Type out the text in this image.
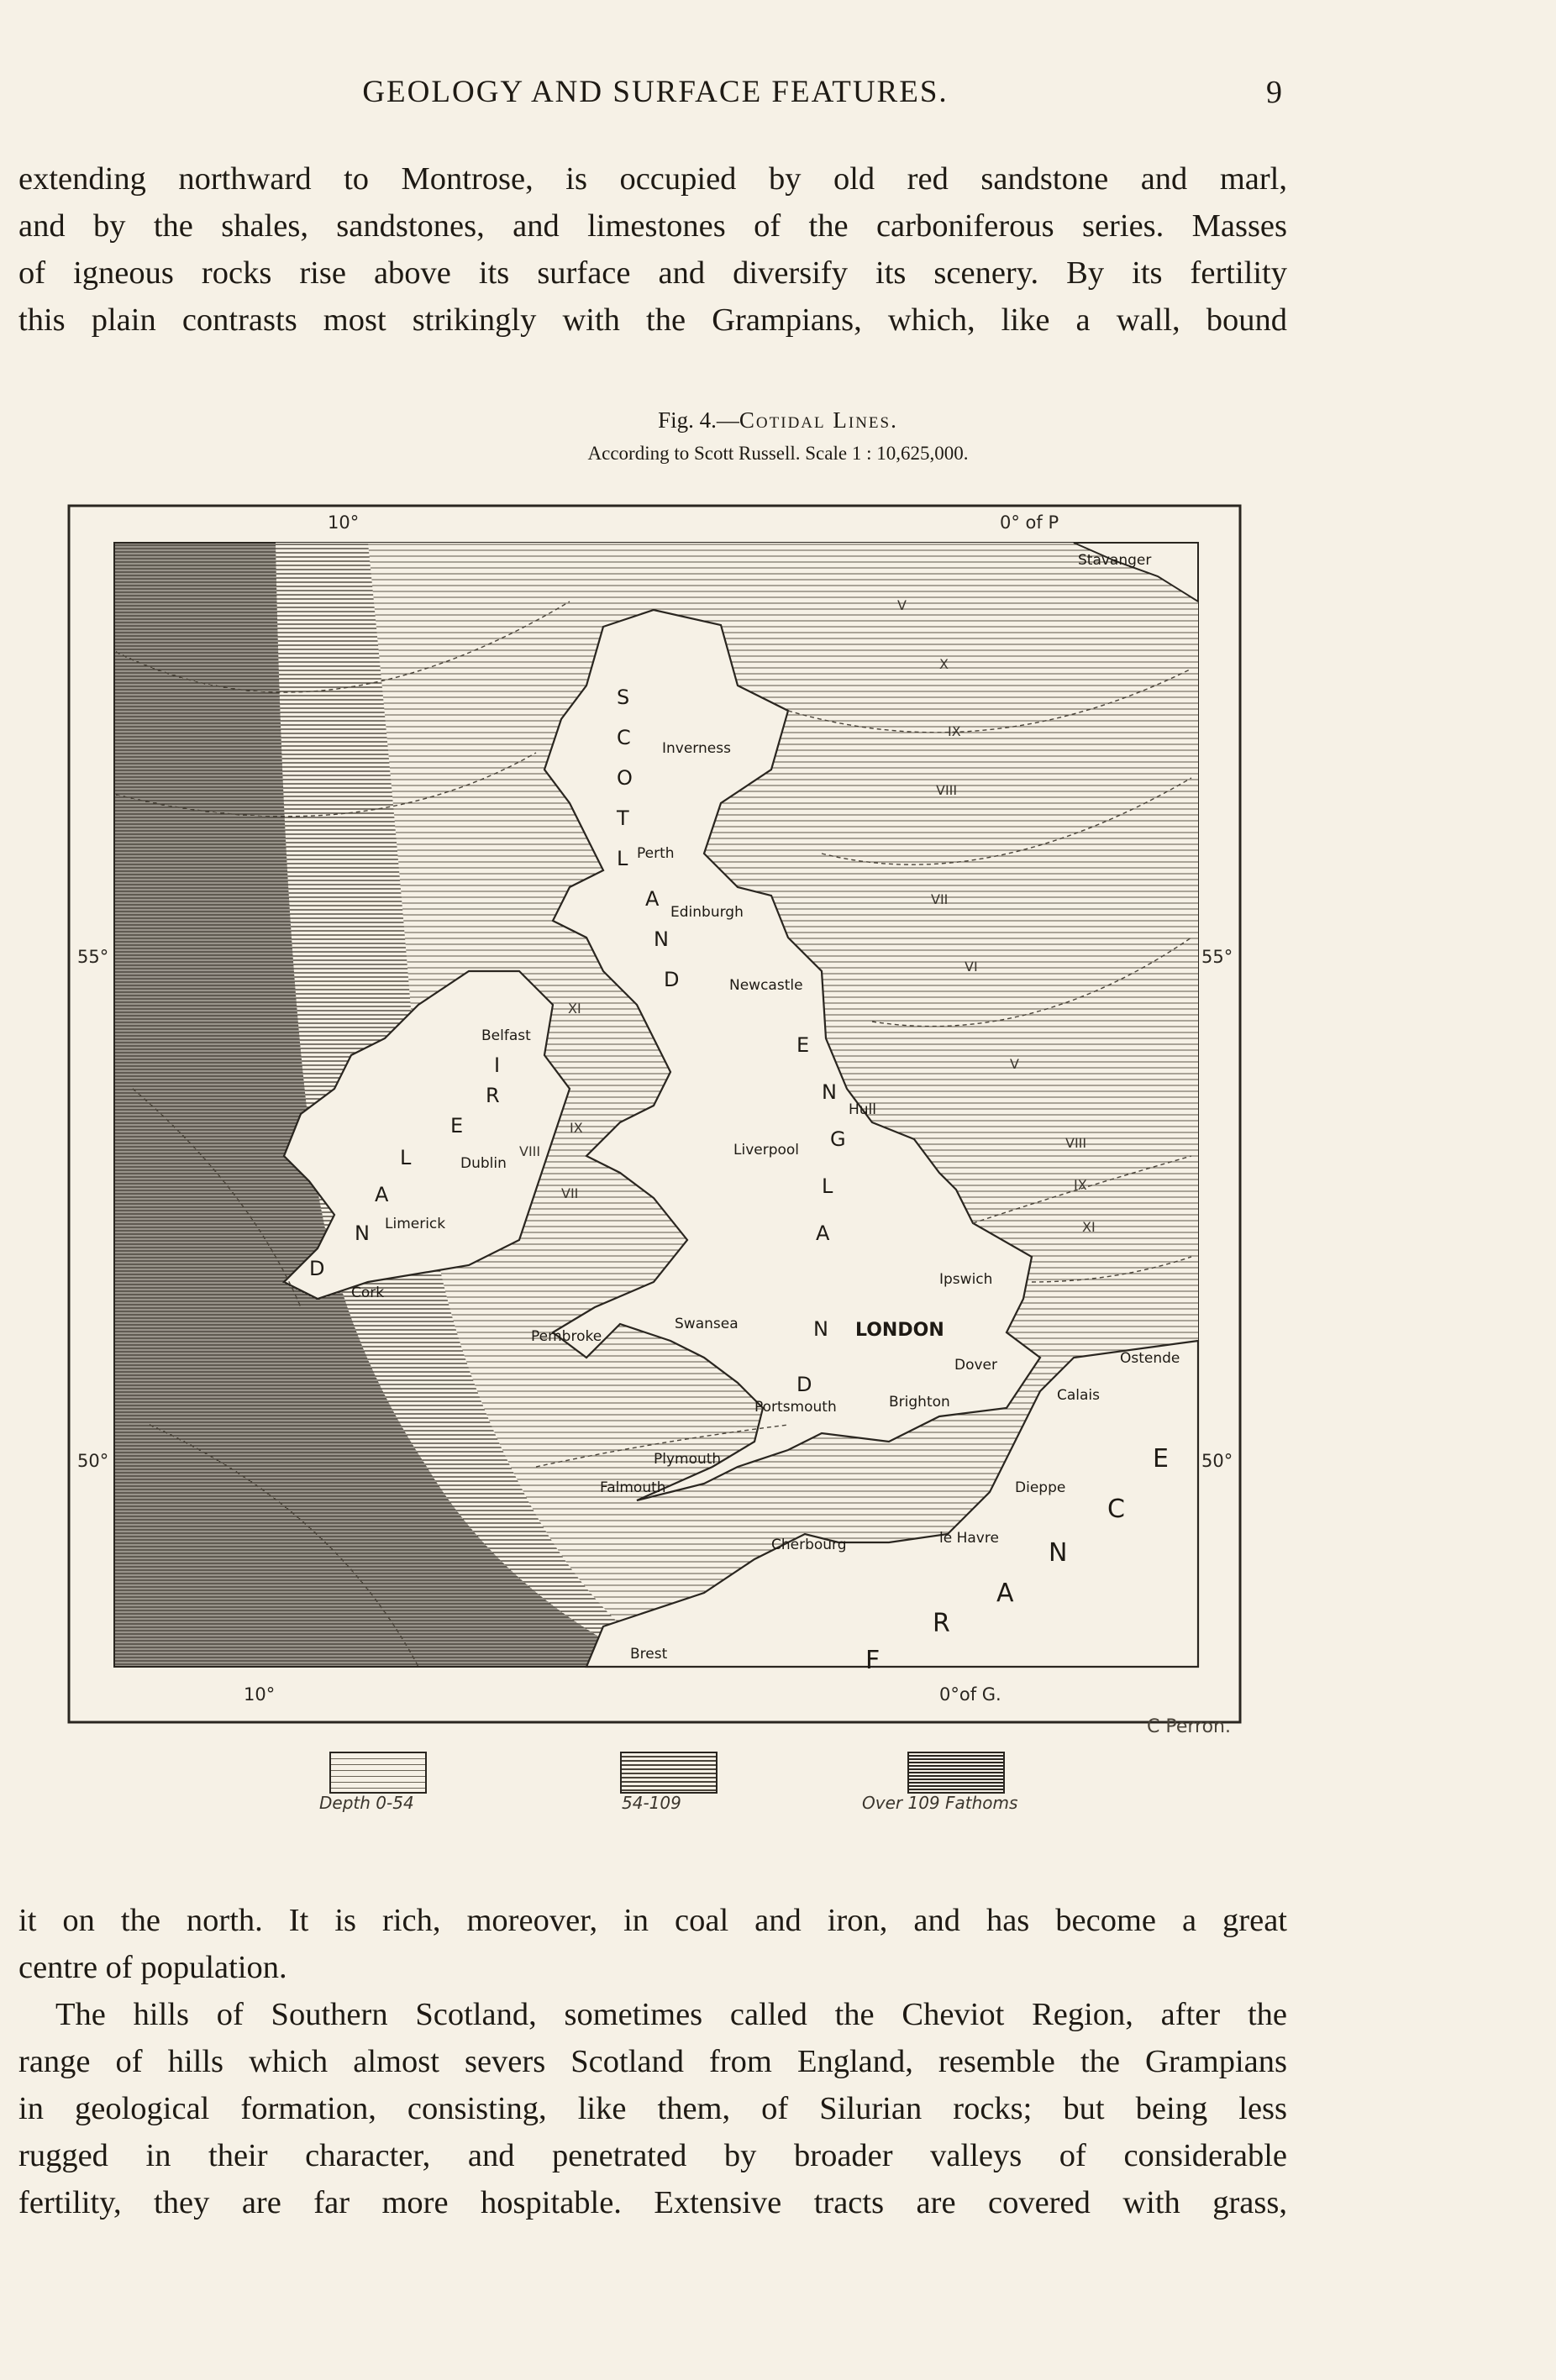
GEOLOGY AND SURFACE FEATURES.	9
extending northward to Montrose, is occupied by old red sandstone and marl,
and by the shales, sandstones, and limestones of the carboniferous series. Masses
of igneous rocks rise above its surface and diversify its scenery. By its fertility
this plain contrasts most strikingly with the Grampians, which, like a wall, bound
Fig. 4.—Cotidal Lines.
According to Scott Russell. Scale 1 : 10,625,000.
10°	0° of P
10°	0°of G.
55°	55°
50°	50°
Stavanger
Inverness
Perth
Edinburgh
Newcastle
Belfast
Hull
Dublin
Liverpool
Limerick
Ipswich
Cork
Swansea	LONDON
Pembroke
Dover	Ostende
Calais
Portsmouth	Brighton
Plymouth
Falmouth	Dieppe
le Havre
Cherbourg
Brest
S
C
O
T
L
A
N
D
E
N
G
L
A
N
D
I
R
E
L
A
N
D
F
R
A
N
C
E
V
X
IX
VIII
VII
VI
V
VIII
IX
XI
XI
IX
VIII
VII
C Perron.
Depth 0-54	54-109	Over 109 Fathoms
it on the north. It is rich, moreover, in coal and iron, and has become a great
centre of population.
The hills of Southern Scotland, sometimes called the Cheviot Region, after the
range of hills which almost severs Scotland from England, resemble the Grampians
in geological formation, consisting, like them, of Silurian rocks; but being less
rugged in their character, and penetrated by broader valleys of considerable
fertility, they are far more hospitable. Extensive tracts are covered with grass,
